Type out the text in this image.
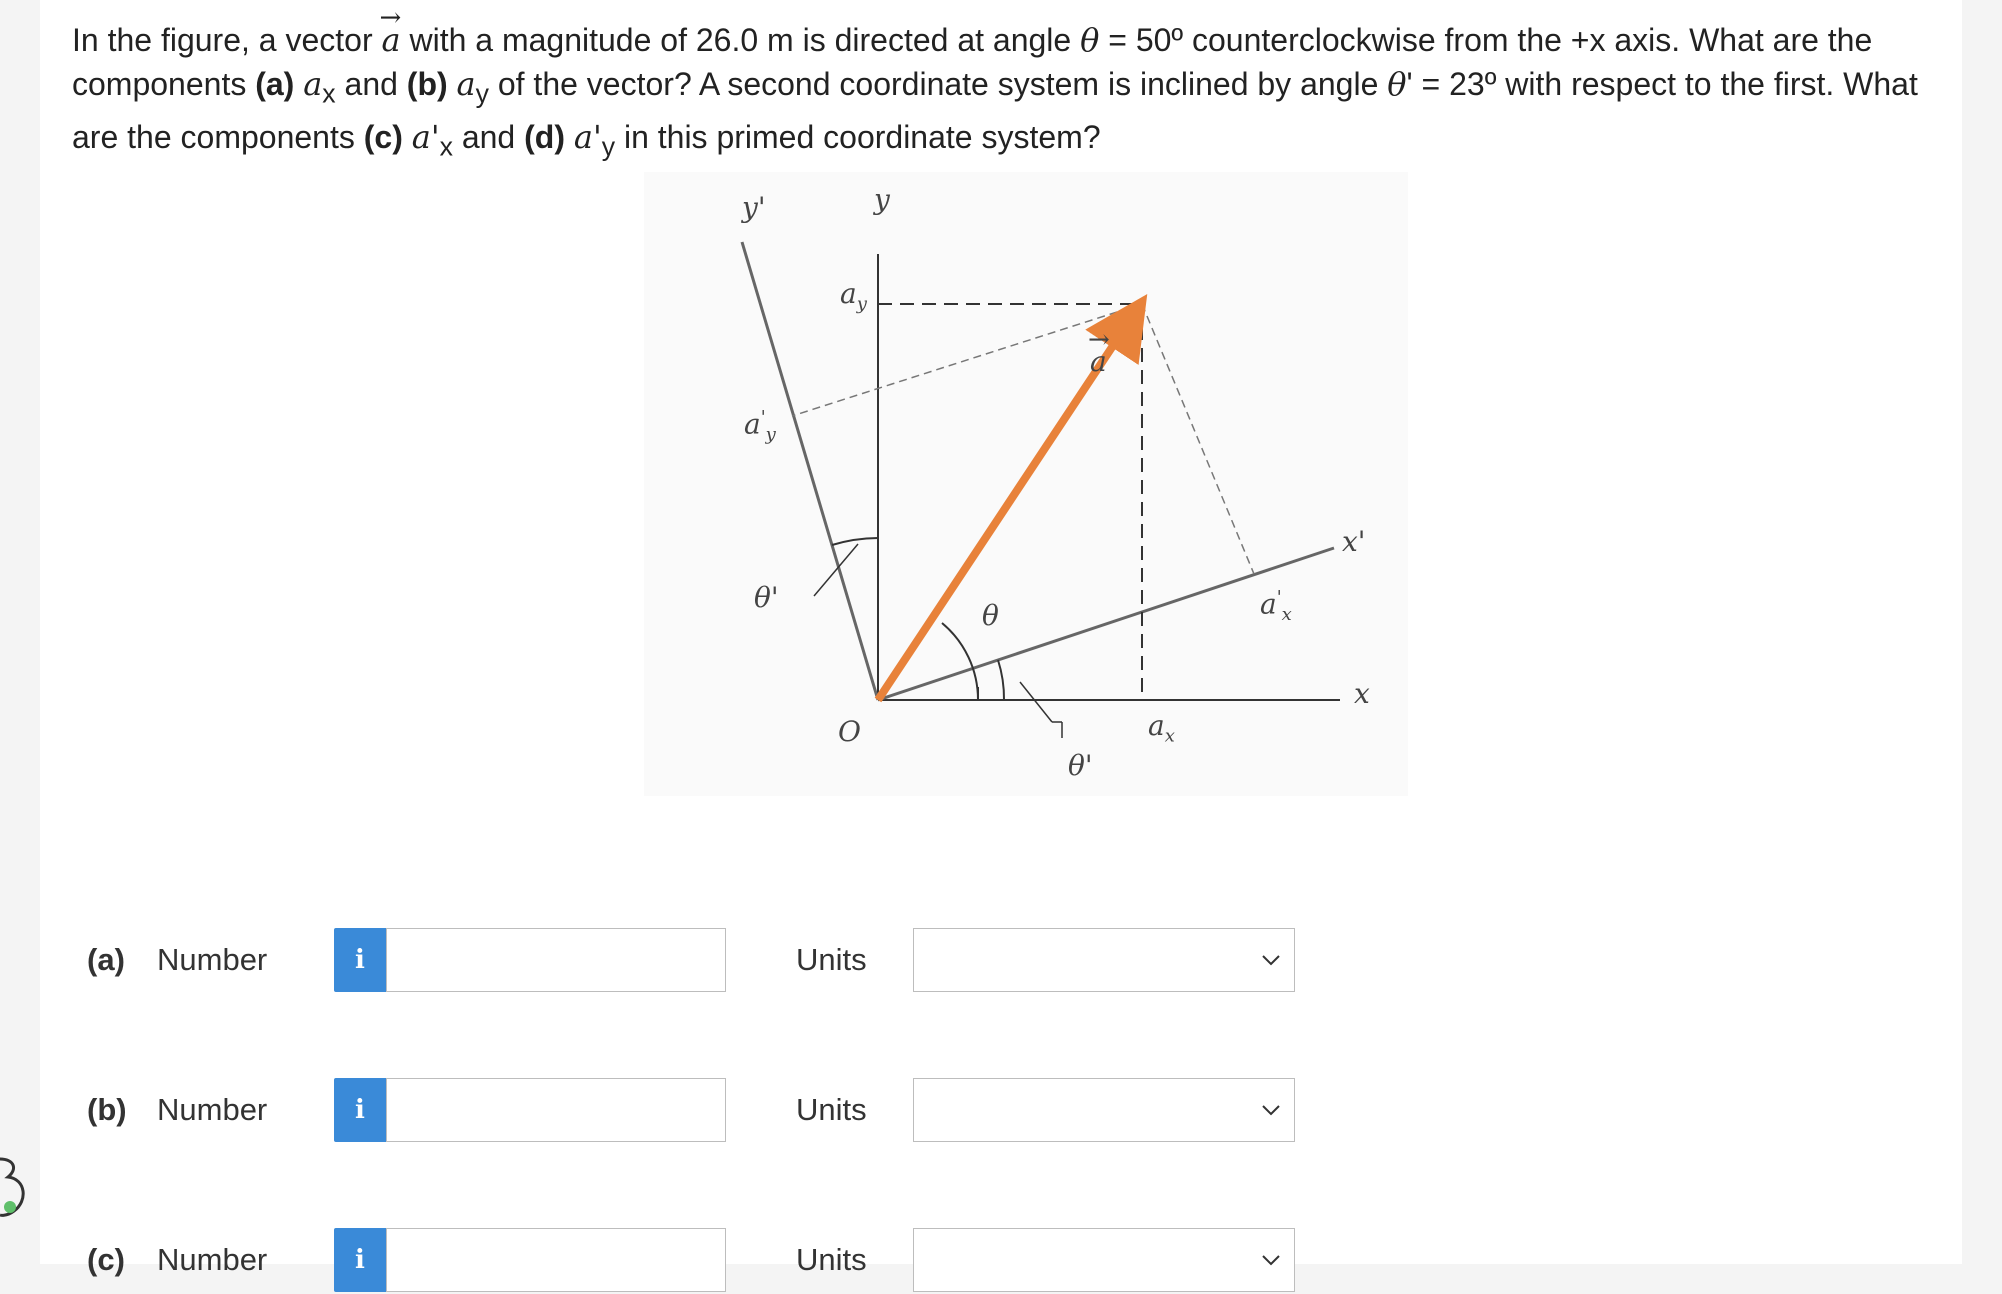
In the figure, a vector → a with a magnitude of 26.0 m is directed at angle θ = 50º counterclockwise from the +x axis. What are the components (a) $a_x$ and (b) $a_y$ of the vector? A second coordinate system is inclined by angle θ' = 23º with respect to the first. What are the components (c) $a'_x$ and (d) $a'_y$ in this primed coordinate system?
y'	y
$a_y$
→ a
$a'_y$
θ'
θ
x'
$a'_x$
x
O	$a_x$
θ'
(a) Number	i	Units
(b) Number	i	Units
(c) Number	i	Units
